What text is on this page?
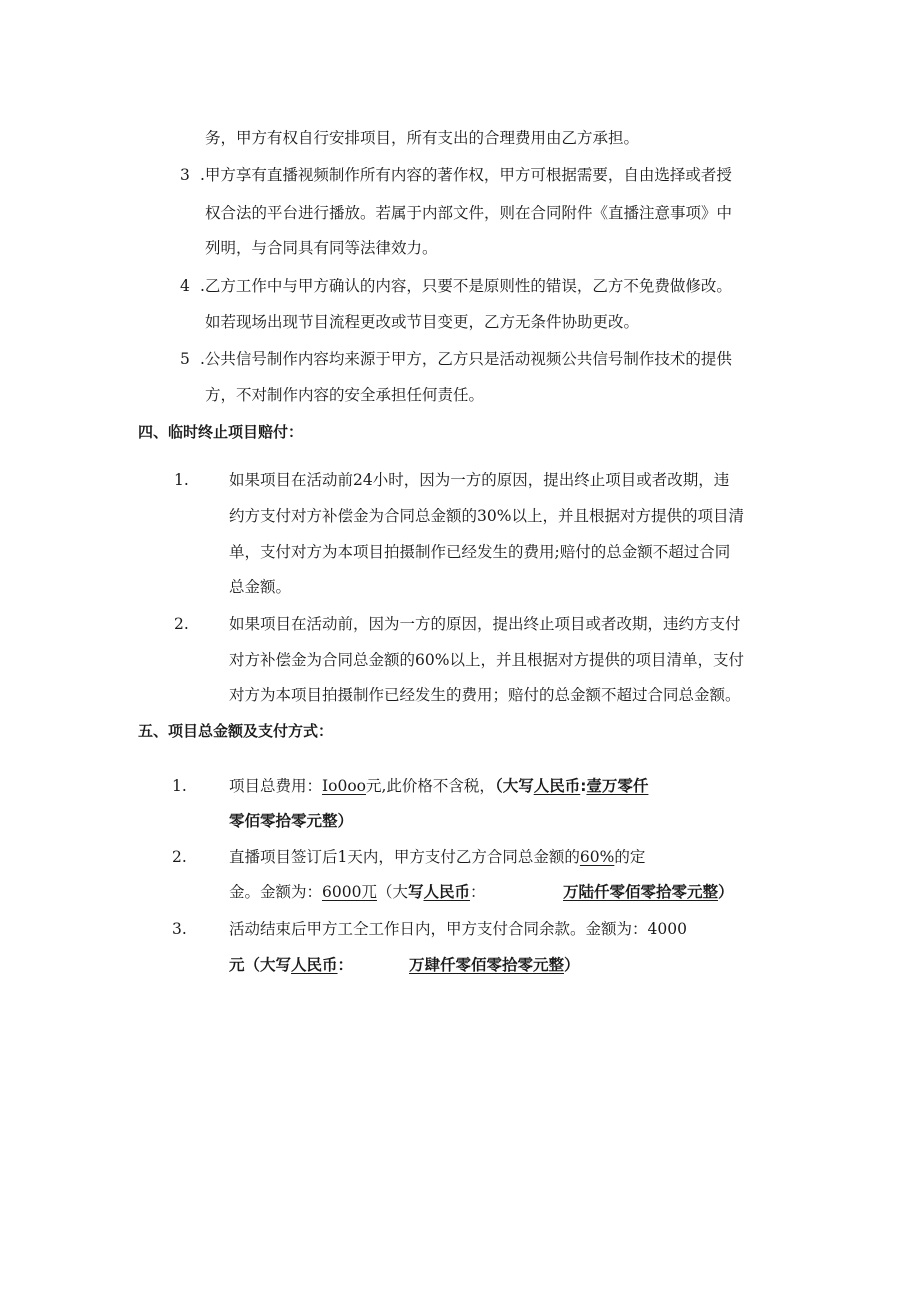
务，甲方有权自行安排项目，所有支出的合理费用由乙方承担。
3 .甲方享有直播视频制作所有内容的著作权，甲方可根据需要，自由选择或者授
权合法的平台进行播放。若属于内部文件，则在合同附件《直播注意事项》中
列明，与合同具有同等法律效力。
4 .乙方工作中与甲方确认的内容，只要不是原则性的错误，乙方不免费做修改。
如若现场出现节目流程更改或节目变更，乙方无条件协助更改。
5 .公共信号制作内容均来源于甲方，乙方只是活动视频公共信号制作技术的提供
方，不对制作内容的安全承担任何责任。
四、临时终止项目赔付：
1.	如果项目在活动前24小时，因为一方的原因，提出终止项目或者改期，违
约方支付对方补偿金为合同总金额的30%以上，并且根据对方提供的项目清
单，支付对方为本项目拍摄制作已经发生的费用;赔付的总金额不超过合同
总金额。
2.	如果项目在活动前，因为一方的原因，提出终止项目或者改期，违约方支付
对方补偿金为合同总金额的60%以上，并且根据对方提供的项目清单，支付
对方为本项目拍摄制作已经发生的费用；赔付的总金额不超过合同总金额。
五、项目总金额及支付方式：
1.	项目总费用：Io0oo元,此价格不含税，（大写人民币:壹万零仟
零佰零拾零元整）
2.	直播项目签订后1天内，甲方支付乙方合同总金额的60%的定
金。金额为：6000兀（大写人民币：	万陆仟零佰零拾零元整）
3.	活动结束后甲方工仝工作日内，甲方支付合同余款。金额为：4000
元（大写人民币：	万肆仟零佰零拾零元整）
